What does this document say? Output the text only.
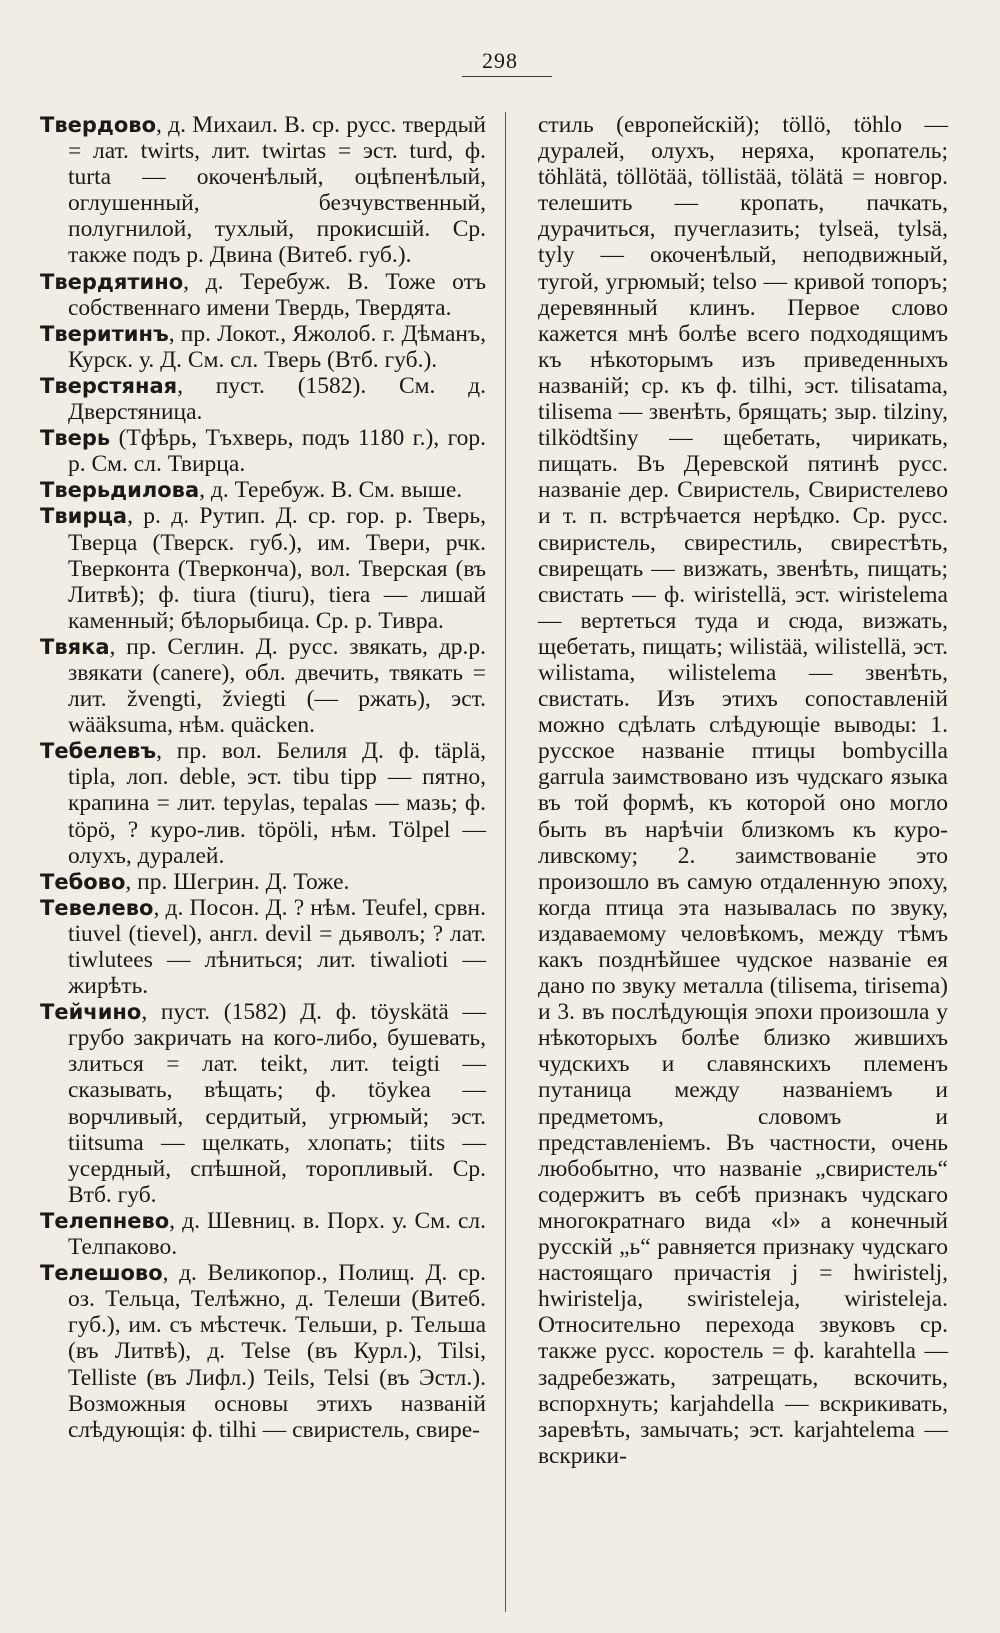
298

Твердово, д. Михаил. В. ср. русс. твердый = лат. twirts, лит. twirtas = эст. turd, ф. turta — окоченѣлый, оцѣпенѣлый, оглушенный, безчувственный, полугнилой, тухлый, прокисшій. Ср. также подъ р. Двина (Витеб. губ.).

Твердятино, д. Теребуж. В. Тоже отъ собственнаго имени Твердь, Твердята.

Тверитинъ, пр. Локот., Яжолоб. г. Дѣманъ, Курск. у. Д. См. сл. Тверь (Втб. губ.).

Тверстяная, пуст. (1582). См. д. Дверстяница.

Тверь (Тфѣрь, Тъхверь, подъ 1180 г.), гор. р. См. сл. Твирца.

Тверьдилова, д. Теребуж. В. См. выше.

Твирца, р. д. Рутип. Д. ср. гор. р. Тверь, Тверца (Тверск. губ.), им. Твери, рчк. Тверконта (Тверконча), вол. Тверская (въ Литвѣ); ф. tiura (tiuru), tiera — лишай каменный; бѣлорыбица. Ср. р. Тивра.

Твяка, пр. Сеглин. Д. русс. звякать, др.р. звякати (canere), обл. двечить, твякать = лит. žvengti, žviegti (— ржать), эст. wääksuma, нѣм. quäcken.

Тебелевъ, пр. вол. Белиля Д. ф. täplä, tipla, лоп. deble, эст. tibu tipp — пятно, крапина = лит. tepylas, tepalas — мазь; ф. töpö, ? куро-лив. töpöli, нѣм. Tölpel — олухъ, дуралей.

Тебово, пр. Шегрин. Д. Тоже.

Тевелево, д. Посон. Д. ? нѣм. Teufel, срвн. tiuvel (tievel), англ. devil = дьяволъ; ? лат. tiwlutees — лѣниться; лит. tiwalioti — жирѣть.

Тейчино, пуст. (1582) Д. ф. töyskätä — грубо закричать на кого-либо, бушевать, злиться = лат. teikt, лит. teigti — сказывать, вѣщать; ф. töykea — ворчливый, сердитый, угрюмый; эст. tiitsuma — щелкать, хлопать; tiits — усердный, спѣшной, торопливый. Ср. Втб. губ.

Телепнево, д. Шевниц. в. Порх. у. См. сл. Телпаково.

Телешово, д. Великопор., Полищ. Д. ср. оз. Тельца, Телѣжно, д. Телеши (Витеб. губ.), им. съ мѣстечк. Тельши, р. Тельша (въ Литвѣ), д. Telse (въ Курл.), Tilsi, Telliste (въ Лифл.) Teils, Telsi (въ Эстл.). Возможныя основы этихъ названій слѣдующія: ф. tilhi — свиристель, свире-

стиль (европейскій); töllö, töhlo — дуралей, олухъ, неряха, кропатель; töhlätä, töllötää, töllistää, tölätä = новгор. телешить — кропать, пачкать, дурачиться, пучеглазить; tylseä, tylsä, tyly — окоченѣлый, неподвижный, тугой, угрюмый; telso — кривой топоръ; деревянный клинъ. Первое слово кажется мнѣ болѣе всего подходящимъ къ нѣкоторымъ изъ приведенныхъ названій; ср. къ ф. tilhi, эст. tilisatama, tilisema — звенѣть, брящать; зыр. tilziny, tilködtšiny — щебетать, чирикать, пищать. Въ Деревской пятинѣ русс. названіе дер. Свиристель, Свиристелево и т. п. встрѣчается нерѣдко. Ср. русс. свиристель, свирестиль, свирестѣть, свирещать — визжать, звенѣть, пищать; свистать — ф. wiristellä, эст. wiristelema — вертеться туда и сюда, визжать, щебетать, пищать; wilistää, wilistellä, эст. wilistama, wilistelema — звенѣть, свистать. Изъ этихъ сопоставленій можно сдѣлать слѣдующіе выводы: 1. русское названіе птицы bombycilla garrula заимствовано изъ чудскаго языка въ той формѣ, къ которой оно могло быть въ нарѣчіи близкомъ къ куро-ливскому; 2. заимствованіе это произошло въ самую отдаленную эпоху, когда птица эта называлась по звуку, издаваемому человѣкомъ, между тѣмъ какъ позднѣйшее чудское названіе ея дано по звуку металла (tilisema, tirisema) и 3. въ послѣдующія эпохи произошла у нѣкоторыхъ болѣе близко жившихъ чудскихъ и славянскихъ племенъ путаница между названіемъ и предметомъ, словомъ и представленіемъ. Въ частности, очень любобытно, что названіе „свиристель“ содержитъ въ себѣ признакъ чудскаго многократнаго вида «l» а конечный русскій „ь“ равняется признаку чудскаго настоящаго причастія j = hwiristelj, hwiristelja, swiristeleja, wiristeleja. Относительно перехода звуковъ ср. также русс. коростель = ф. karahtella — задребезжать, затрещать, вскочить, вспорхнуть; karjahdella — вскрикивать, заревѣть, замычать; эст. karjahtelema — вскрики-
